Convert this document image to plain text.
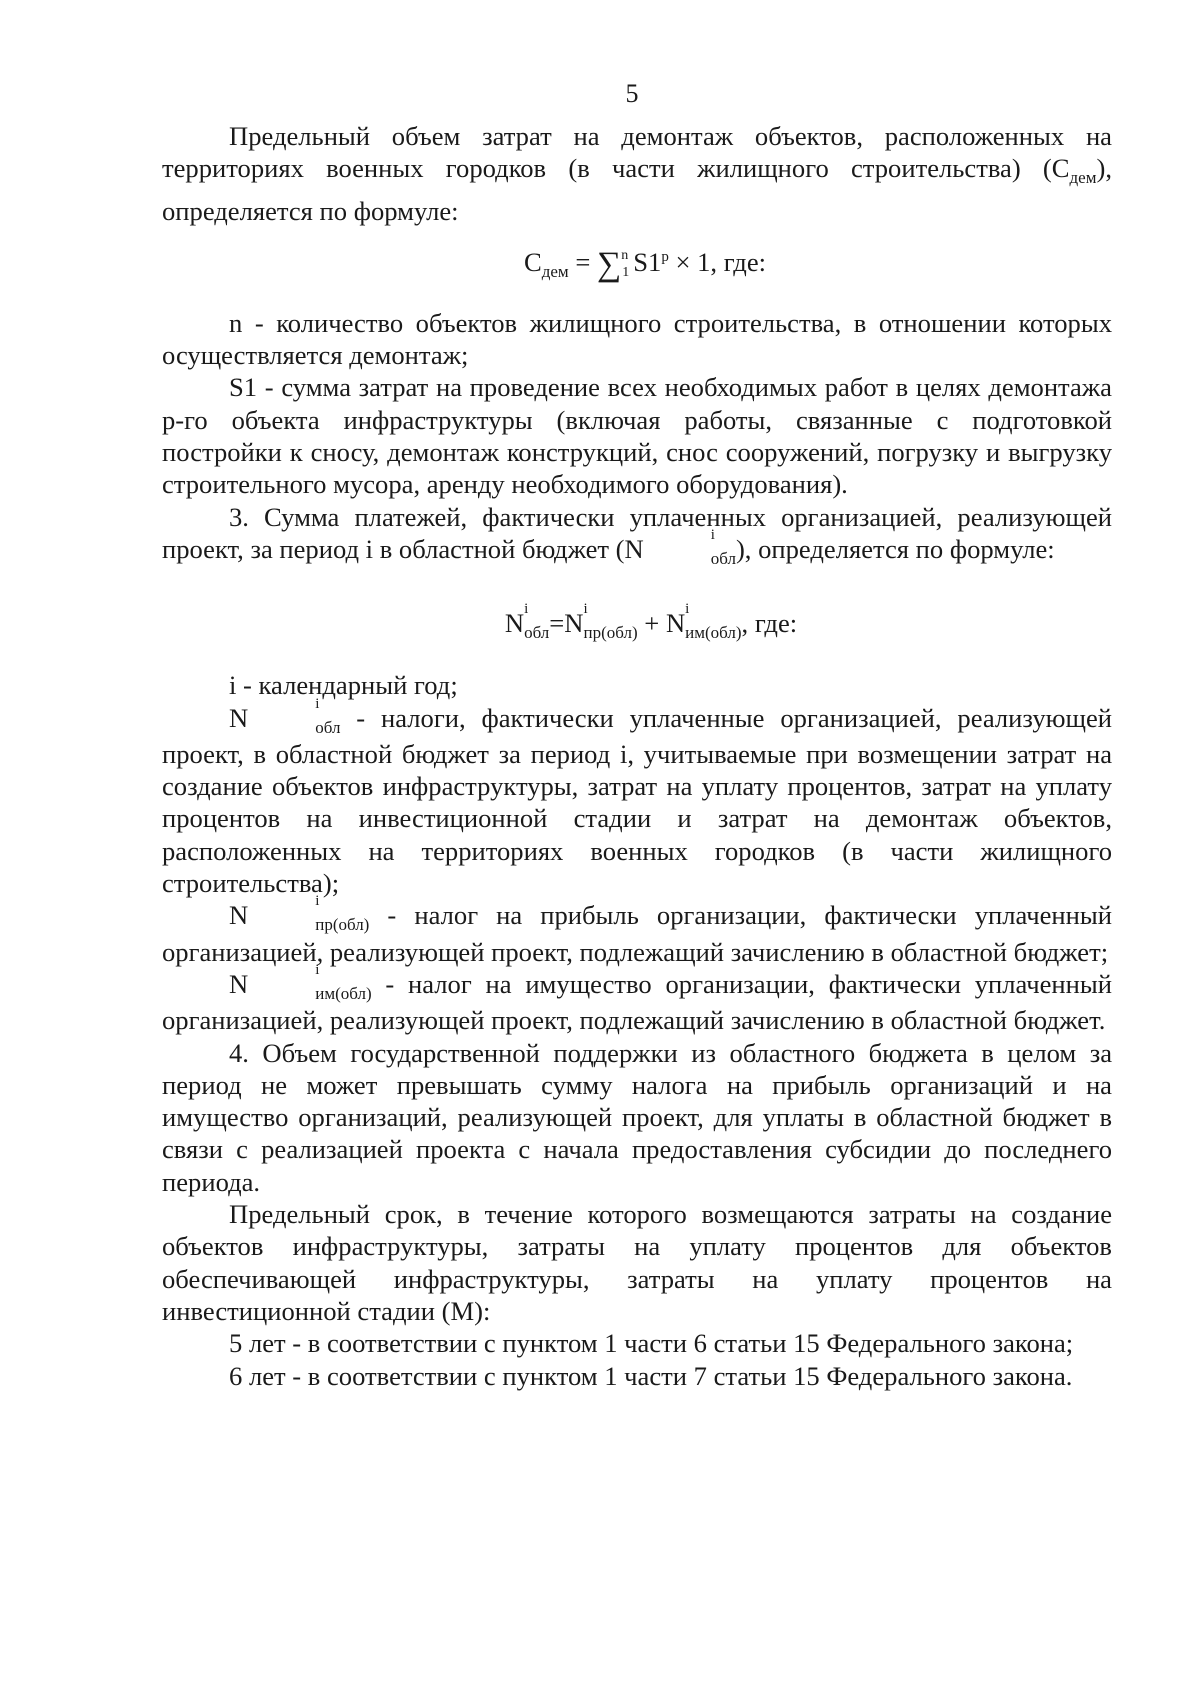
5

Предельный объем затрат на демонтаж объектов, расположенных на территориях военных городков (в части жилищного строительства) $(С_{дем})$, определяется по формуле:

$С_{дем}$ = ∑ n
1 $S1^p \times 1$, где:

n - количество объектов жилищного строительства, в отношении которых осуществляется демонтаж;

S1 - сумма затрат на проведение всех необходимых работ в целях демонтажа р-го объекта инфраструктуры (включая работы, связанные с подготовкой постройки к сносу, демонтаж конструкций, снос сооружений, погрузку и выгрузку строительного мусора, аренду необходимого оборудования).

3. Сумма платежей, фактически уплаченных организацией, реализующей проект, за период i в областной бюджет (N	i
$_{обл}$), определяется по формуле:

N i
$_{обл}$=N i
$_{пр(обл)}$ + N i
$_{им(обл)}$, где:

i - календарный год;

N	i
$_{обл}$ - налоги, фактически уплаченные организацией, реализующей проект, в областной бюджет за период i, учитываемые при возмещении затрат на создание объектов инфраструктуры, затрат на уплату процентов, затрат на уплату процентов на инвестиционной стадии и затрат на демонтаж объектов, расположенных на территориях военных городков (в части жилищного строительства);

N	i
$_{пр(обл)}$ - налог на прибыль организации, фактически уплаченный организацией, реализующей проект, подлежащий зачислению в областной бюджет;

N	i
$_{им(обл)}$ - налог на имущество организации, фактически уплаченный организацией, реализующей проект, подлежащий зачислению в областной бюджет.

4. Объем государственной поддержки из областного бюджета в целом за период не может превышать сумму налога на прибыль организаций и на имущество организаций, реализующей проект, для уплаты в областной бюджет в связи с реализацией проекта с начала предоставления субсидии до последнего периода.

Предельный срок, в течение которого возмещаются затраты на создание объектов инфраструктуры, затраты на уплату процентов для объектов обеспечивающей инфраструктуры, затраты на уплату процентов на инвестиционной стадии (М):

5 лет - в соответствии с пунктом 1 части 6 статьи 15 Федерального закона;

6 лет - в соответствии с пунктом 1 части 7 статьи 15 Федерального закона.
